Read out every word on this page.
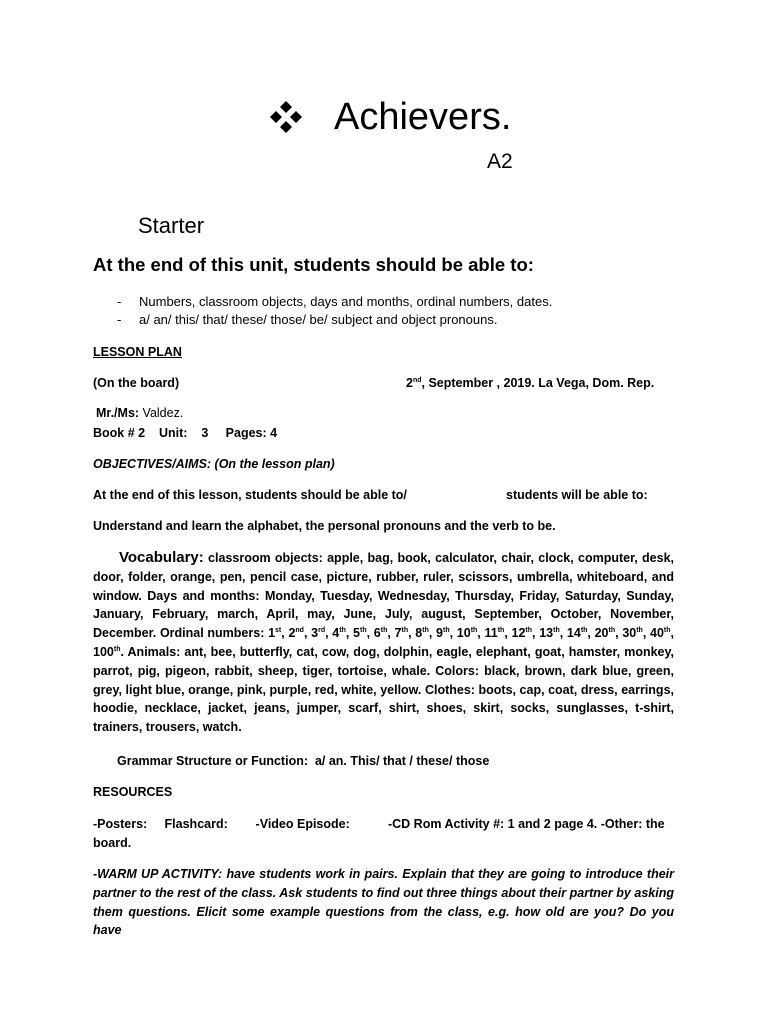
Achievers.
A2
Starter
At the end of this unit, students should be able to:
-	Numbers, classroom objects, days and months, ordinal numbers, dates.
-	a/ an/ this/ that/ these/ those/ be/ subject and object pronouns.
LESSON PLAN
(On the board)	2nd, September , 2019. La Vega, Dom. Rep.
Mr./Ms: Valdez.
Book # 2    Unit:    3     Pages: 4
OBJECTIVES/AIMS: (On the lesson plan)
At the end of this lesson, students should be able to/	students will be able to:
Understand and learn the alphabet, the personal pronouns and the verb to be.
Vocabulary: classroom objects: apple, bag, book, calculator, chair, clock, computer, desk, door, folder, orange, pen, pencil case, picture, rubber, ruler, scissors, umbrella, whiteboard, and window. Days and months: Monday, Tuesday, Wednesday, Thursday, Friday, Saturday, Sunday, January, February, march, April, may, June, July, august, September, October, November, December. Ordinal numbers: 1st, 2nd, 3rd, 4th, 5th, 6th, 7th, 8th, 9th, 10th, 11th, 12th, 13th, 14th, 20th, 30th, 40th, 100th. Animals: ant, bee, butterfly, cat, cow, dog, dolphin, eagle, elephant, goat, hamster, monkey, parrot, pig, pigeon, rabbit, sheep, tiger, tortoise, whale. Colors: black, brown, dark blue, green, grey, light blue, orange, pink, purple, red, white, yellow. Clothes: boots, cap, coat, dress, earrings, hoodie, necklace, jacket, jeans, jumper, scarf, shirt, shoes, skirt, socks, sunglasses, t-shirt, trainers, trousers, watch.
Grammar Structure or Function:  a/ an. This/ that / these/ those
RESOURCES
-Posters:     Flashcard:        -Video Episode:           -CD Rom Activity #: 1 and 2 page 4. -Other: the
board.
-WARM UP ACTIVITY: have students work in pairs. Explain that they are going to introduce their partner to the rest of the class. Ask students to find out three things about their partner by asking them questions. Elicit some example questions from the class, e.g. how old are you? Do you have
